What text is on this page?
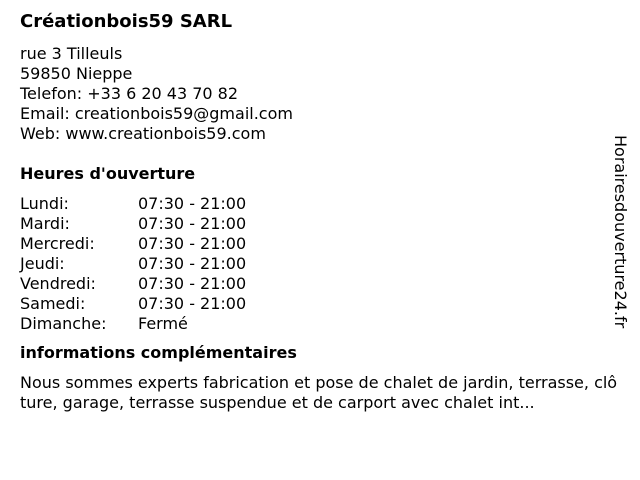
Créationbois59 SARL
rue 3 Tilleuls
59850 Nieppe
Telefon: +33 6 20 43 70 82
Email: creationbois59@gmail.com
Web: www.creationbois59.com
Heures d'ouverture
Lundi:	07:30 - 21:00
Mardi:	07:30 - 21:00
Mercredi:	07:30 - 21:00
Jeudi:	07:30 - 21:00
Vendredi:	07:30 - 21:00
Samedi:	07:30 - 21:00
Dimanche:	Fermé
informations complémentaires
Nous sommes experts fabrication et pose de chalet de jardin, terrasse, clôture, garage, terrasse suspendue et de carport avec chalet int...
Horairesdouverture24.fr
